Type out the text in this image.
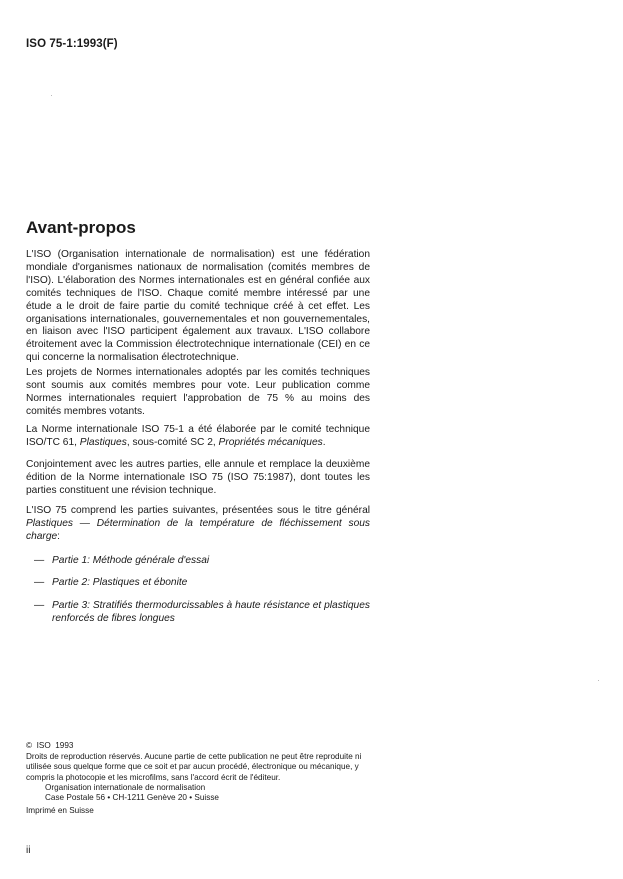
ISO 75-1:1993(F)
Avant-propos

L'ISO (Organisation internationale de normalisation) est une fédération mondiale d'organismes nationaux de normalisation (comités membres de l'ISO). L'élaboration des Normes internationales est en général confiée aux comités techniques de l'ISO. Chaque comité membre intéressé par une étude a le droit de faire partie du comité technique créé à cet effet. Les organisations internationales, gouvernementales et non gouvernementales, en liaison avec l'ISO participent également aux travaux. L'ISO collabore étroitement avec la Commission électrotechnique internationale (CEI) en ce qui concerne la normalisation électrotechnique.

Les projets de Normes internationales adoptés par les comités techniques sont soumis aux comités membres pour vote. Leur publication comme Normes internationales requiert l'approbation de 75 % au moins des comités membres votants.

La Norme internationale ISO 75-1 a été élaborée par le comité technique ISO/TC 61, Plastiques, sous-comité SC 2, Propriétés mécaniques.

Conjointement avec les autres parties, elle annule et remplace la deuxième édition de la Norme internationale ISO 75 (ISO 75:1987), dont toutes les parties constituent une révision technique.

L'ISO 75 comprend les parties suivantes, présentées sous le titre général Plastiques — Détermination de la température de fléchissement sous charge:

— Partie 1: Méthode générale d'essai
— Partie 2: Plastiques et ébonite
— Partie 3: Stratifiés thermodurcissables à haute résistance et plastiques renforcés de fibres longues
©  ISO  1993
Droits de reproduction réservés. Aucune partie de cette publication ne peut être reproduite ni utilisée sous quelque forme que ce soit et par aucun procédé, électronique ou mécanique, y compris la photocopie et les microfilms, sans l'accord écrit de l'éditeur.
Organisation internationale de normalisation
Case Postale 56 • CH-1211 Genève 20 • Suisse
Imprimé en Suisse
ii
